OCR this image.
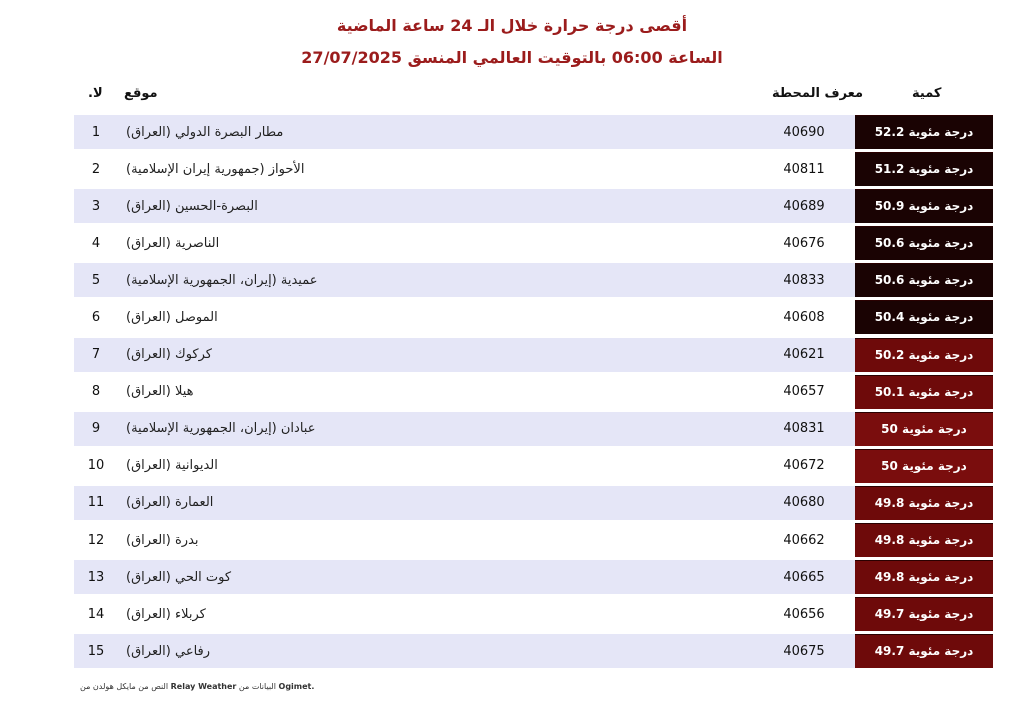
أقصى درجة حرارة خلال الـ 24 ساعة الماضية
الساعة 06:00 بالتوقيت العالمي المنسق 27/07/2025
.لا موقع	معرف المحطة	كمية
1	مطار البصرة الدولي (العراق)	40690	درجة مئوية 52.2
2	الأحواز (جمهورية إيران الإسلامية)	40811	درجة مئوية 51.2
3	البصرة-الحسين (العراق)	40689	درجة مئوية 50.9
4	الناصرية (العراق)	40676	درجة مئوية 50.6
5	عميدية (إيران، الجمهورية الإسلامية)	40833	درجة مئوية 50.6
6	الموصل (العراق)	40608	درجة مئوية 50.4
7	كركوك (العراق)	40621	درجة مئوية 50.2
8	هيلا (العراق)	40657	درجة مئوية 50.1
9	عبادان (إيران، الجمهورية الإسلامية)	40831	درجة مئوية 50
10	الديوانية (العراق)	40672	درجة مئوية 50
11	العمارة (العراق)	40680	درجة مئوية 49.8
12	بدرة (العراق)	40662	درجة مئوية 49.8
13	كوت الحي (العراق)	40665	درجة مئوية 49.8
14	كربلاء (العراق)	40656	درجة مئوية 49.7
15	رفاعي (العراق)	40675	درجة مئوية 49.7
النص من مايكل هولدن من Relay Weather البيانات من Ogimet.
